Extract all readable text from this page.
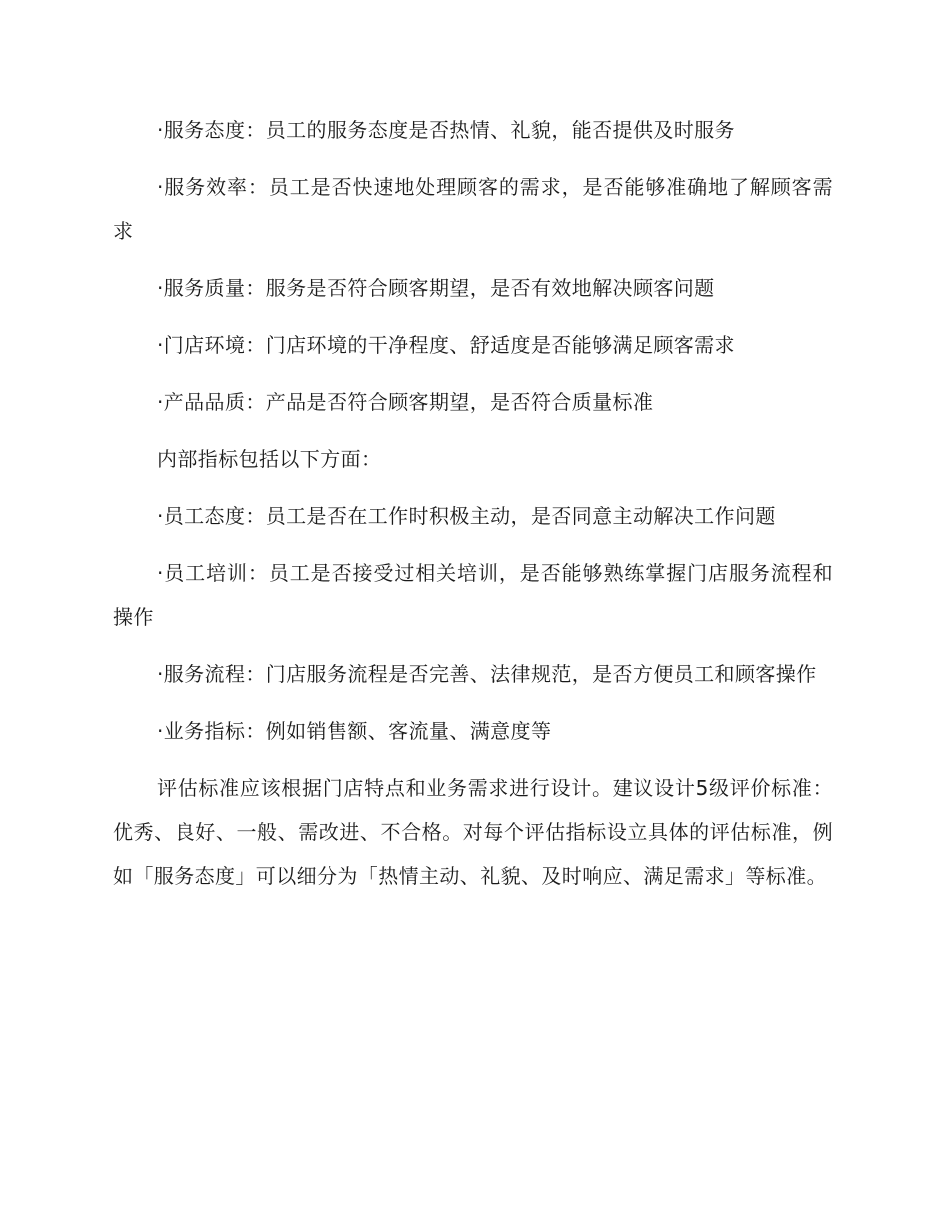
·服务态度：员工的服务态度是否热情、礼貌，能否提供及时服务

·服务效率：员工是否快速地处理顾客的需求，是否能够准确地了解顾客需求

·服务质量：服务是否符合顾客期望，是否有效地解决顾客问题

·门店环境：门店环境的干净程度、舒适度是否能够满足顾客需求

·产品品质：产品是否符合顾客期望，是否符合质量标准

内部指标包括以下方面：

·员工态度：员工是否在工作时积极主动，是否同意主动解决工作问题

·员工培训：员工是否接受过相关培训，是否能够熟练掌握门店服务流程和操作

·服务流程：门店服务流程是否完善、法律规范，是否方便员工和顾客操作

·业务指标：例如销售额、客流量、满意度等

评估标准应该根据门店特点和业务需求进行设计。建议设计5级评价标准：优秀、良好、一般、需改进、不合格。对每个评估指标设立具体的评估标准，例如「服务态度」可以细分为「热情主动、礼貌、及时响应、满足需求」等标准。
